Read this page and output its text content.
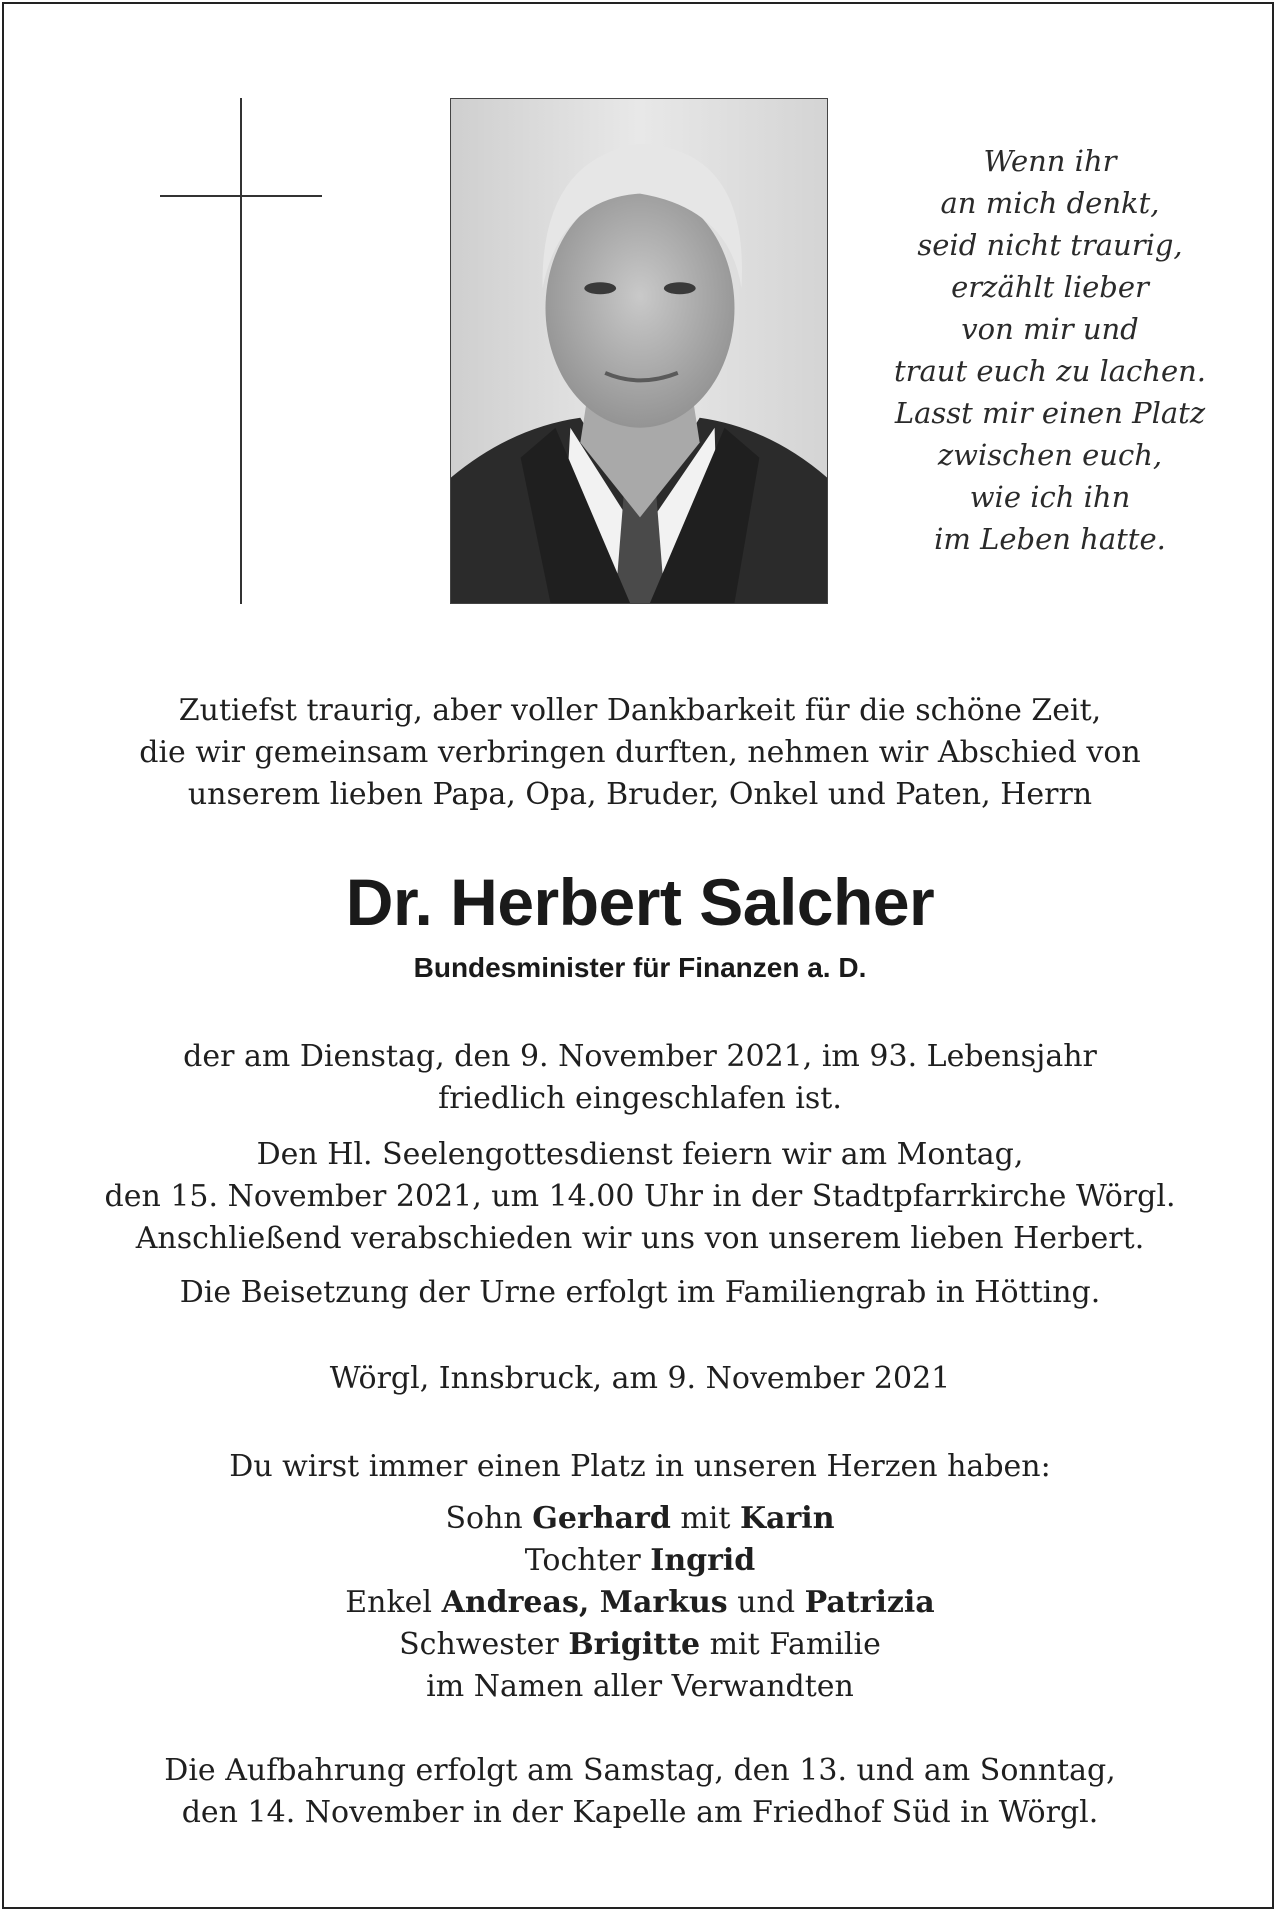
Wenn ihr
an mich denkt,
seid nicht traurig,
erzählt lieber
von mir und
traut euch zu lachen.
Lasst mir einen Platz
zwischen euch,
wie ich ihn
im Leben hatte.
Zutiefst traurig, aber voller Dankbarkeit für die schöne Zeit,
die wir gemeinsam verbringen durften, nehmen wir Abschied von
unserem lieben Papa, Opa, Bruder, Onkel und Paten, Herrn
Dr. Herbert Salcher
Bundesminister für Finanzen a. D.
der am Dienstag, den 9. November 2021, im 93. Lebensjahr
friedlich eingeschlafen ist.
Den Hl. Seelengottesdienst feiern wir am Montag,
den 15. November 2021, um 14.00 Uhr in der Stadtpfarrkirche Wörgl.
Anschließend verabschieden wir uns von unserem lieben Herbert.
Die Beisetzung der Urne erfolgt im Familiengrab in Hötting.
Wörgl, Innsbruck, am 9. November 2021
Du wirst immer einen Platz in unseren Herzen haben:
Sohn Gerhard mit Karin
Tochter Ingrid
Enkel Andreas, Markus und Patrizia
Schwester Brigitte mit Familie
im Namen aller Verwandten
Die Aufbahrung erfolgt am Samstag, den 13. und am Sonntag,
den 14. November in der Kapelle am Friedhof Süd in Wörgl.
